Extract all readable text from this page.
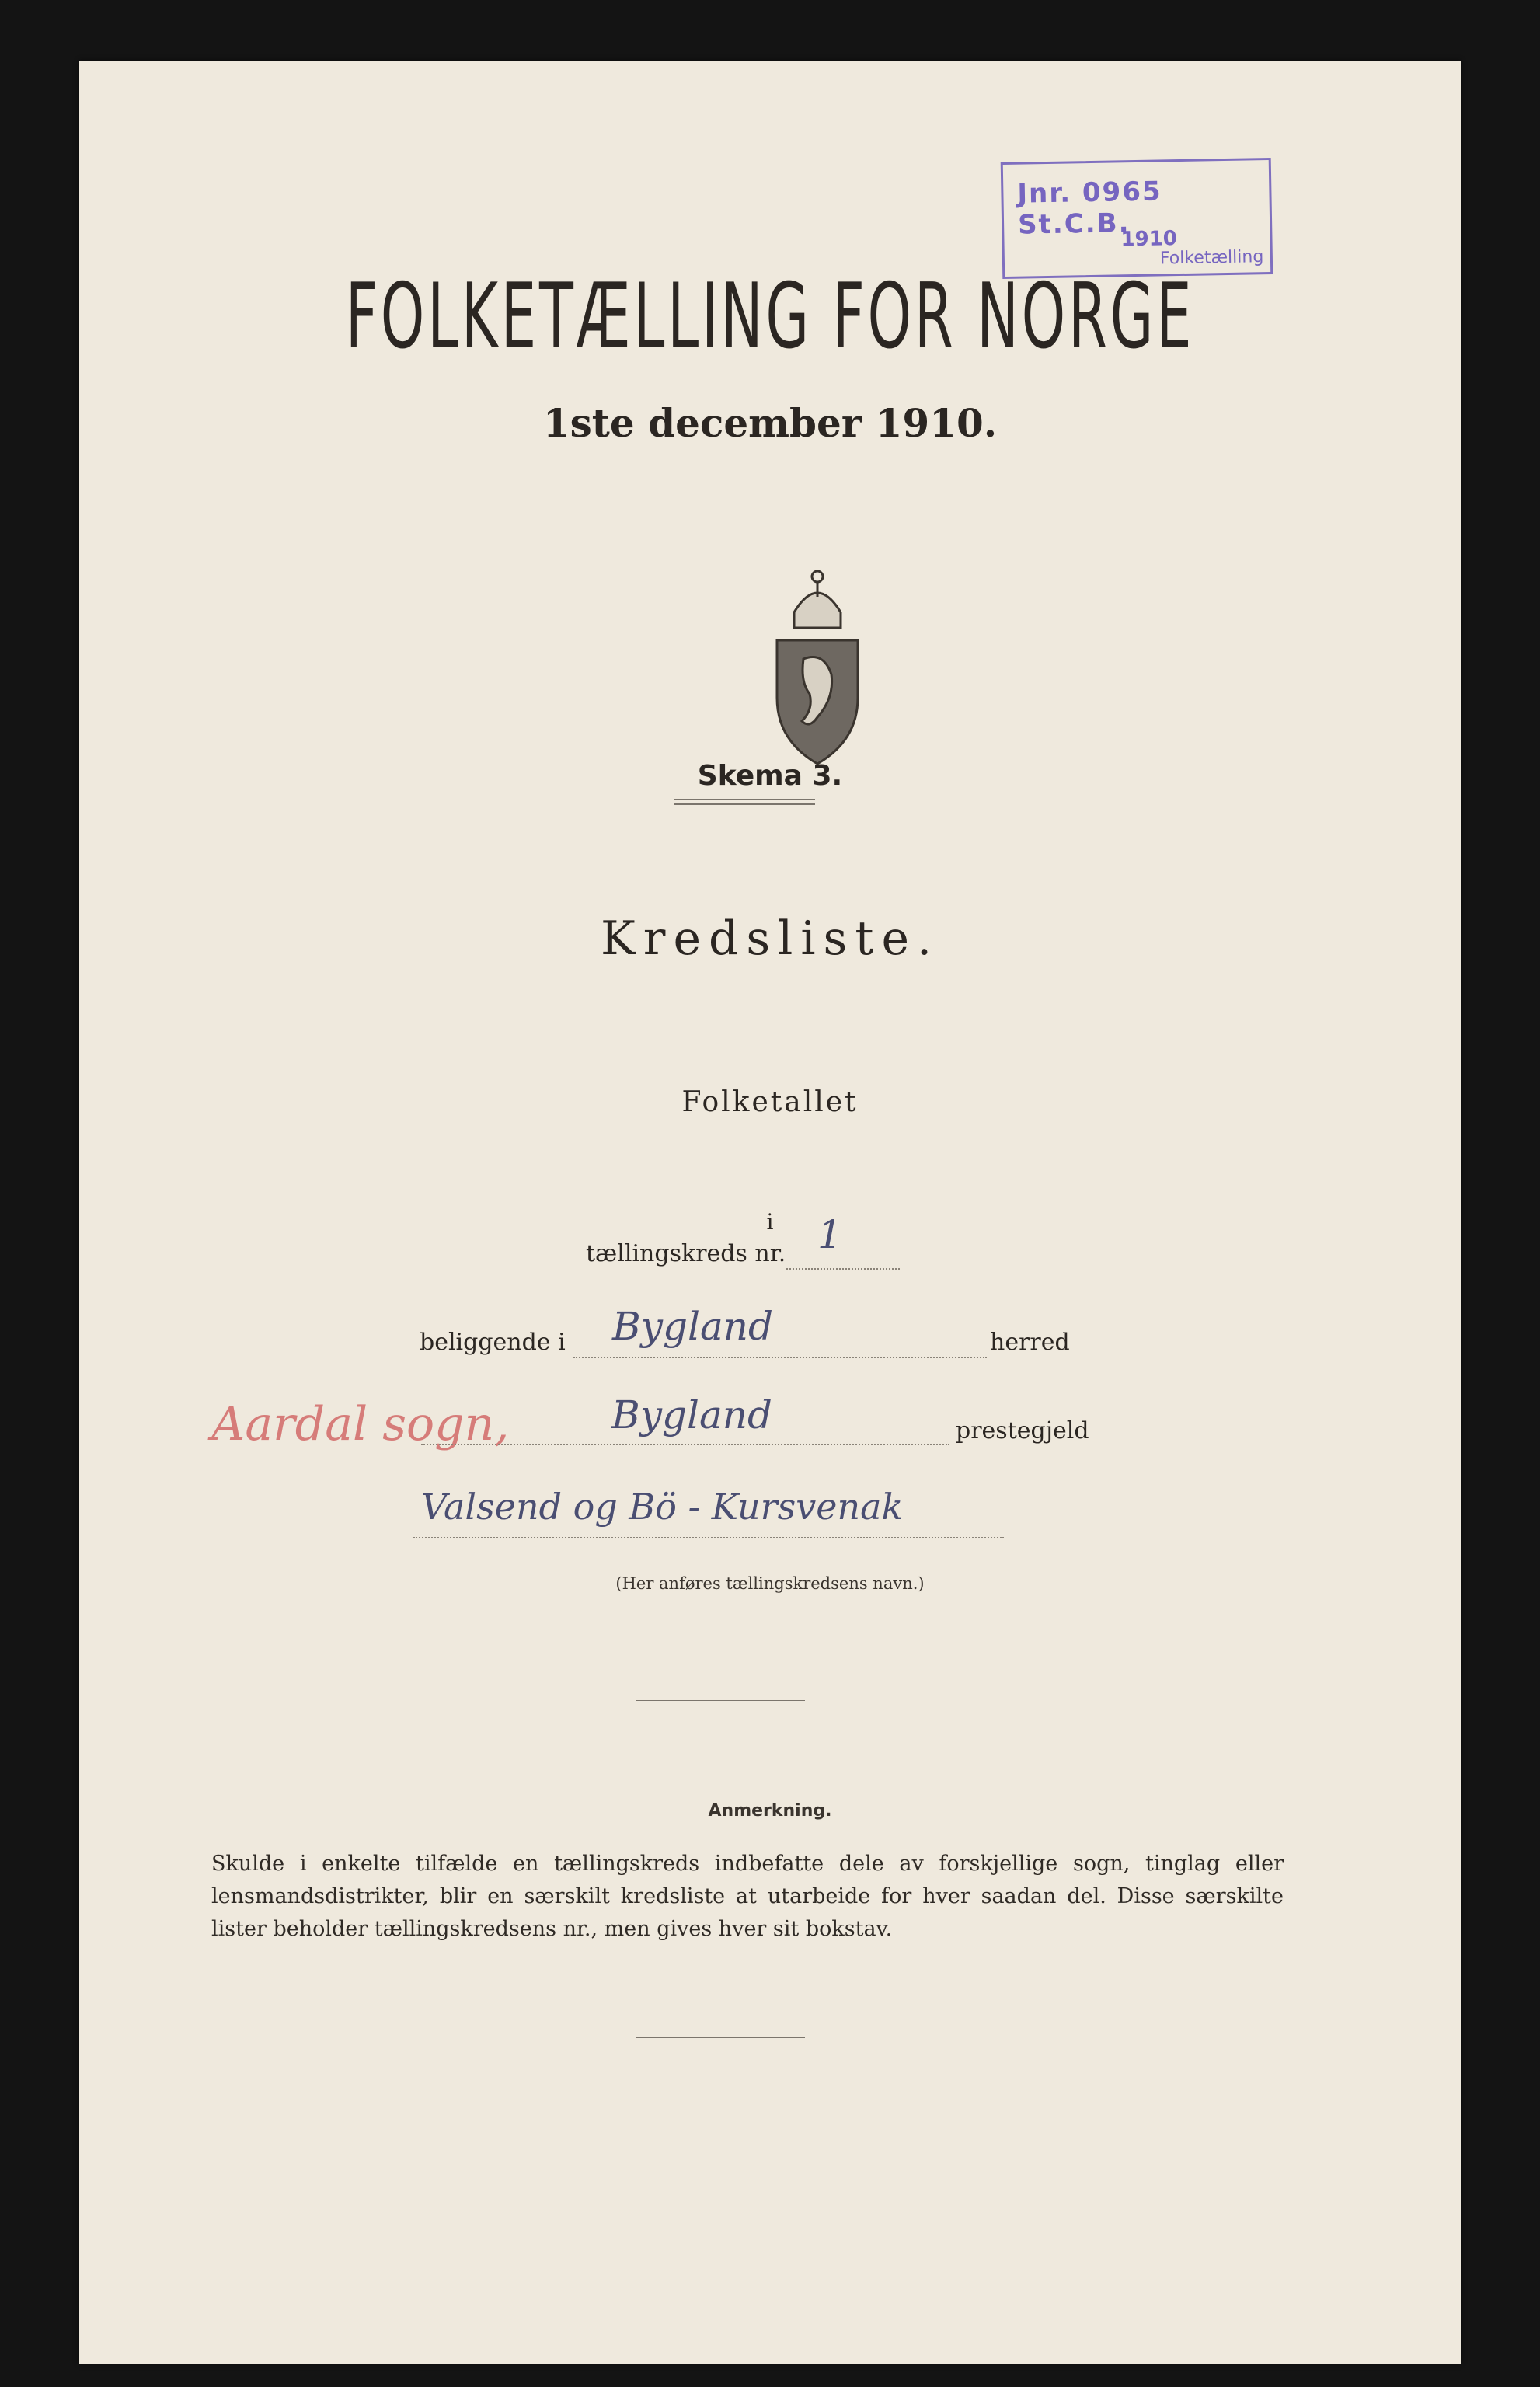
Jnr. 0965 St.C.B.
1910
Folketælling
FOLKETÆLLING FOR NORGE
1ste december 1910.
Skema 3.
Kredsliste.
Folketallet
i
tællingskreds nr. 1
beliggende i Bygland	herred
Aardal sogn,	Bygland	prestegjeld
Valsend og Bö - Kursvenak
(Her anføres tællingskredsens navn.)
Anmerkning.
Skulde i enkelte tilfælde en tællingskreds indbefatte dele av forskjellige sogn, tinglag eller lensmandsdistrikter, blir en særskilt kredsliste at utarbeide for hver saadan del. Disse særskilte lister beholder tællingskredsens nr., men gives hver sit bokstav.
